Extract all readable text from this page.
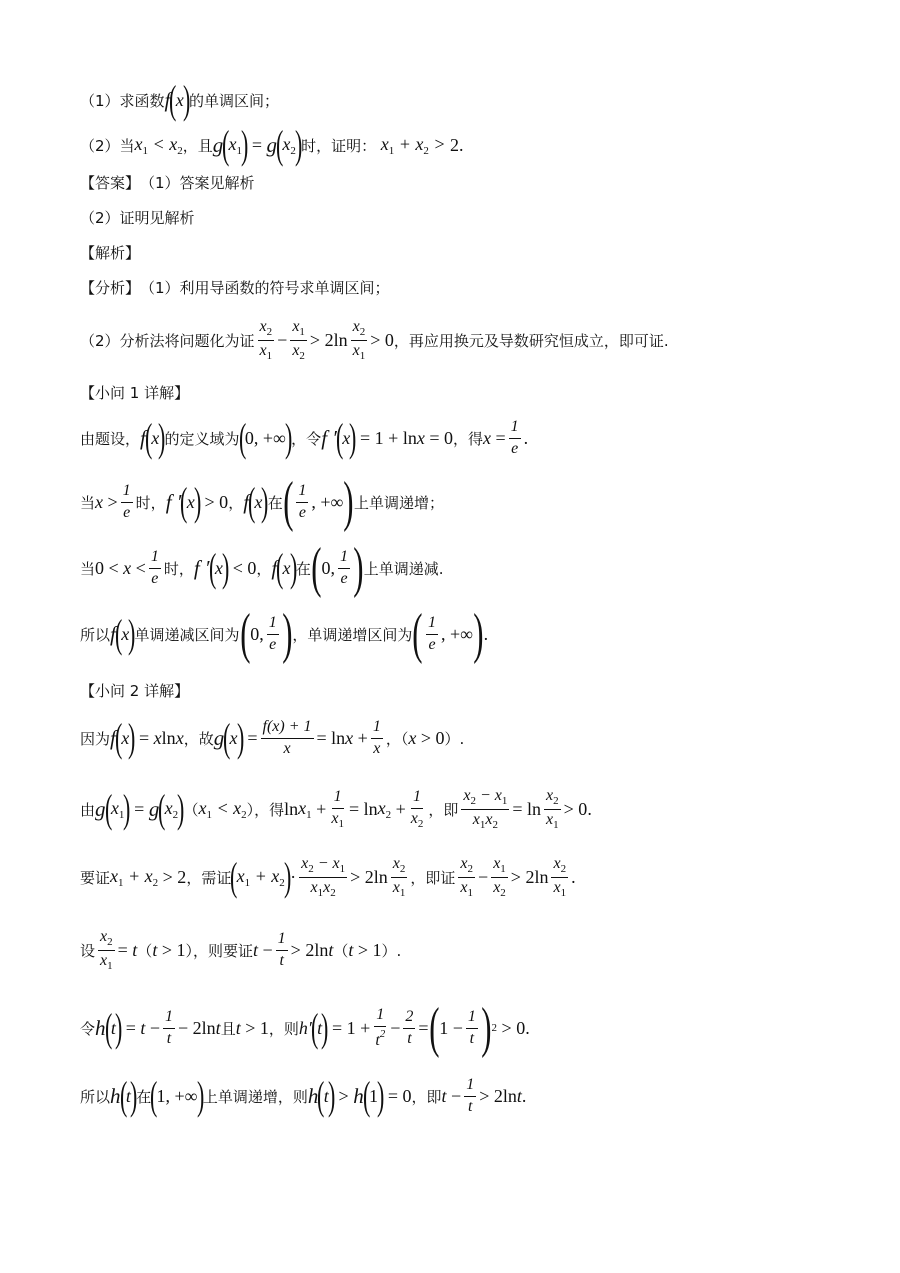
（1）求函数 f
(
x
)
的单调区间；
（2）当 $x_1 < x_2$ ，且 g
(
$x_1$
)
= g
(
$x_2$
)
时，证明： $x_1 + x_2 > 2$.
【答案】 （1）答案见解析
（2）证明见解析
【解析】
【分析】 （1）利用导函数的符号求单调区间；
（2）分析法将问题化为证 $\frac{x_2}{x_1} - \frac{x_1}{x_2} > 2\ln \frac{x_2}{x_1} > 0$ ，再应用换元及导数研究恒成立，即可证.
【小问 1 详解】
由题设， f
(
x
)
的定义域为
(
0, +∞
)
，令 f ′
(
x
)
= 1 + ln x = 0 ，得 $x = \frac{1}{e}$ .
当 $x > \frac{1}{e}$ 时， f ′
(
x
)
> 0 ， f
(
x
)
在 ( $\frac{1}{e}$ , +∞ ) 上单调递增；
当 $0 < x < \frac{1}{e}$ 时， f ′
(
x
)
< 0 ， f
(
x
)
在 ( 0, $\frac{1}{e}$ ) 上单调递减.
所以 f
(
x
)
单调递减区间为 ( 0, $\frac{1}{e}$ ) ，单调递增区间为 ( $\frac{1}{e}$ , +∞ ) .
【小问 2 详解】
因为 f
(
x
)
= x ln x ，故 g
(
x
)
= $\frac{f(x) + 1}{x} = \ln x + \frac{1}{x}$ ，（ x > 0 ）.
由 g
(
$x_1$
)
= g
(
$x_2$
)
（ $x_1 < x_2$ ），得 $\ln x_1 + \frac{1}{x_1} = \ln x_2 + \frac{1}{x_2}$ ，即 $\frac{x_2 - x_1}{x_1x_2} = \ln \frac{x_2}{x_1} > 0$ .
要证 $x_1 + x_2 > 2$ ，需证
(
$x_1 + x_2$
)
· $\frac{x_2 - x_1}{x_1x_2} > 2\ln \frac{x_2}{x_1}$ ，即证 $\frac{x_2}{x_1} - \frac{x_1}{x_2} > 2\ln \frac{x_2}{x_1}$ .
设 $\frac{x_2}{x_1} = t$ （ t > 1 ），则要证 $t - \frac{1}{t} > 2\ln$ t （ t > 1 ）.
令 h
(
t
)
= $t - \frac{1}{t} - 2\ln$ t 且 t > 1 ，则 h′
(
t
)
= $1 + \frac{1}{t^2} - \frac{2}{t}$ = ( $1 - \frac{1}{t}$ ) 2 > 0 .
所以 h
(
t
)
在
(
1, +∞
)
上单调递增，则 h
(
t
)
> h
(
1
)
= 0 ，即 $t - \frac{1}{t} > 2\ln$ t .
